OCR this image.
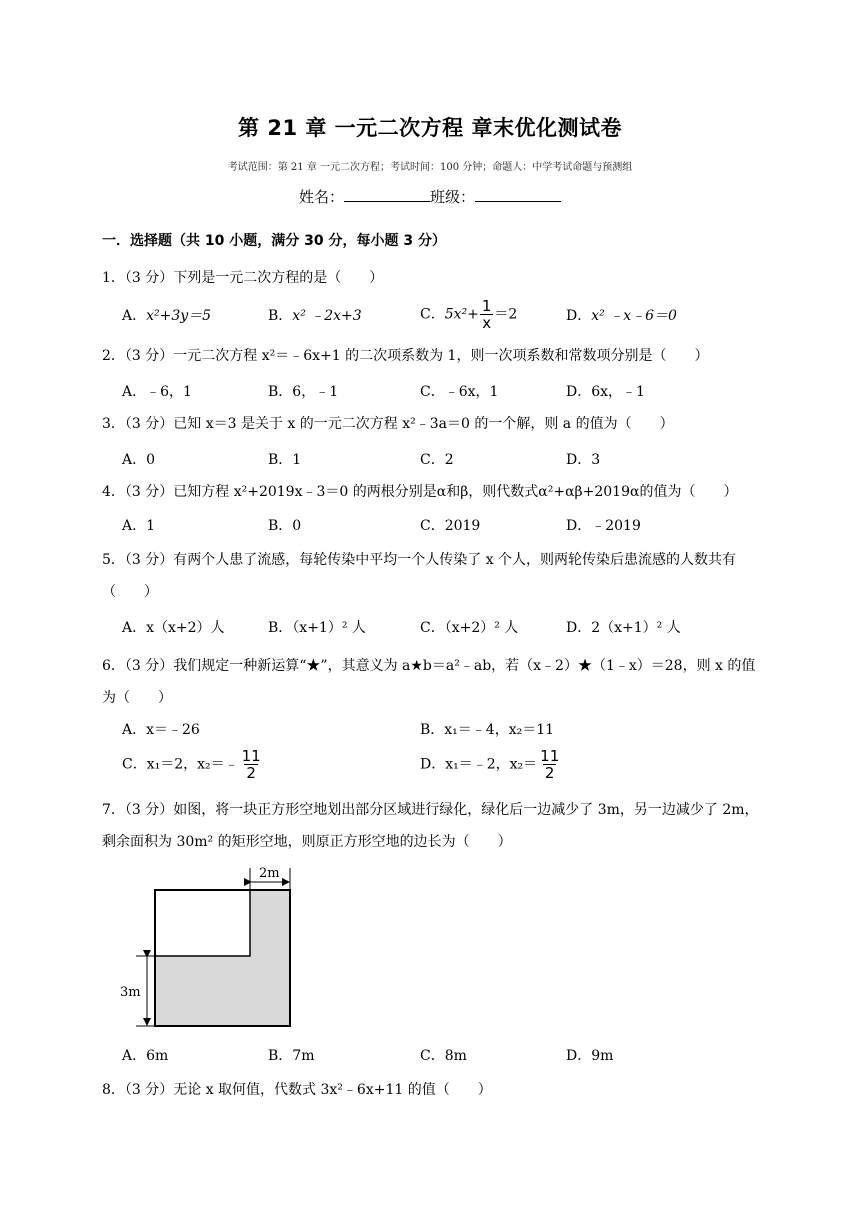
第 21 章 一元二次方程 章末优化测试卷
考试范围：第 21 章 一元二次方程；考试时间：100 分钟；命题人：中学考试命题与预测组
姓名：	班级：
一．选择题（共 10 小题，满分 30 分，每小题 3 分）
1．（3 分）下列是一元二次方程的是（　　）
A．x²+3y＝5	B．x² ﹣2x+3	C．$5x^2+ \frac{1}{x} =2$	D．x² ﹣x﹣6＝0
2．（3 分）一元二次方程 x²＝﹣6x+1 的二次项系数为 1，则一次项系数和常数项分别是（　　）
A．﹣6，1	B．6，﹣1	C．﹣6x，1	D．6x，﹣1
3．（3 分）已知 x＝3 是关于 x 的一元二次方程 x²﹣3a＝0 的一个解，则 a 的值为（　　）
A．0	B．1	C．2	D．3
4．（3 分）已知方程 x²+2019x﹣3＝0 的两根分别是α和β，则代数式α²+αβ+2019α的值为（　　）
A．1	B．0	C．2019	D．﹣2019
5．（3 分）有两个人患了流感，每轮传染中平均一个人传染了 x 个人，则两轮传染后患流感的人数共有（　　）
A．x（x+2）人	B．（x+1）² 人	C．（x+2）² 人	D．2（x+1）² 人
6．（3 分）我们规定一种新运算“★”，其意义为 a★b＝a²﹣ab，若（x﹣2）★（1﹣x）＝28，则 x 的值为（　　）
A．x＝﹣26	B．x₁＝﹣4，x₂＝11
C．x₁＝2，x₂＝﹣ $\frac{11}{2}$	D．x₁＝﹣2，$x_2= \frac{11}{2}$
7．（3 分）如图，将一块正方形空地划出部分区域进行绿化，绿化后一边减少了 3m，另一边减少了 2m，剩余面积为 30m² 的矩形空地，则原正方形空地的边长为（　　）
2m
3m
A．6m	B．7m	C．8m	D．9m
8．（3 分）无论 x 取何值，代数式 3x²﹣6x+11 的值（　　）
